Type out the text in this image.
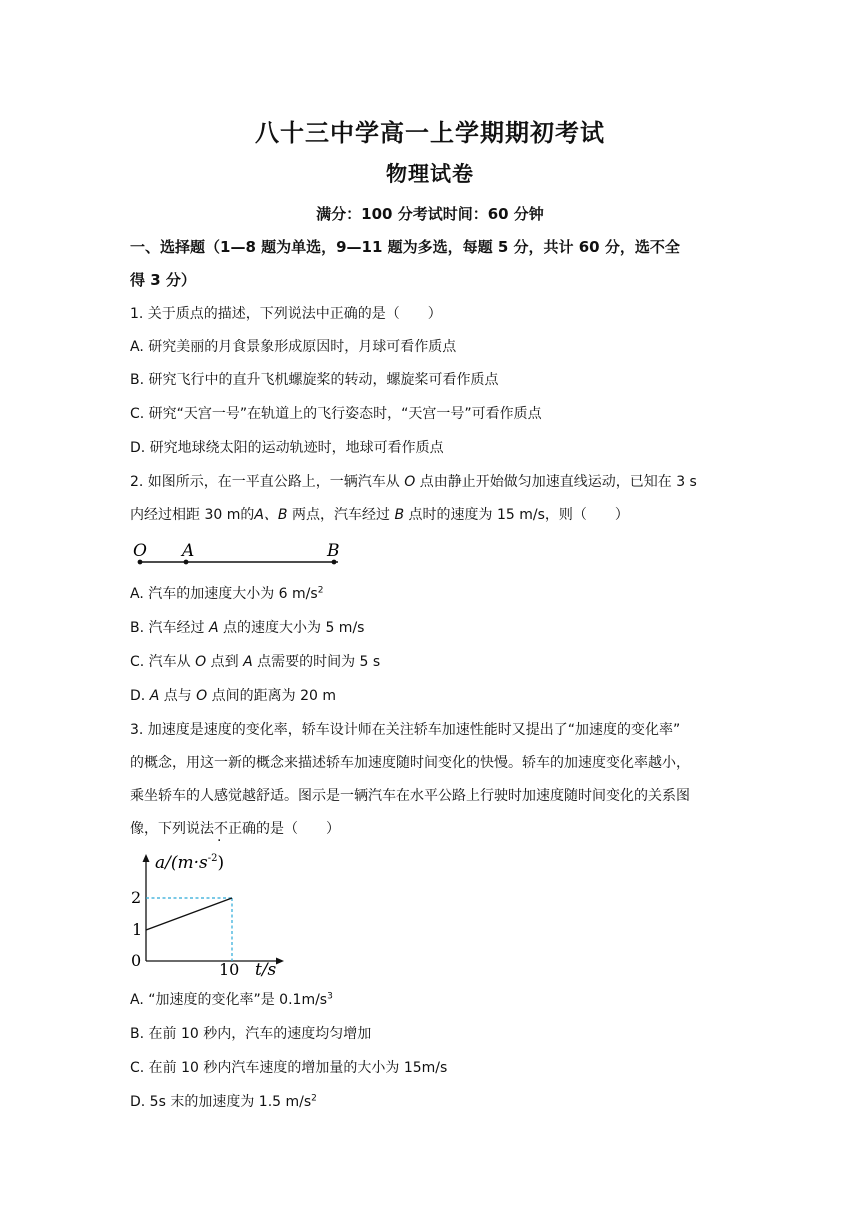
八十三中学高一上学期期初考试
物理试卷
满分：100 分考试时间：60 分钟
一、选择题（1—8 题为单选，9—11 题为多选，每题 5 分，共计 60 分，选不全
得 3 分）
1. 关于质点的描述，下列说法中正确的是（　　）
A. 研究美丽的月食景象形成原因时，月球可看作质点
B. 研究飞行中的直升飞机螺旋桨的转动，螺旋桨可看作质点
C. 研究“天宫一号”在轨道上的飞行姿态时，“天宫一号”可看作质点
D. 研究地球绕太阳的运动轨迹时，地球可看作质点
2. 如图所示，在一平直公路上，一辆汽车从 O 点由静止开始做匀加速直线运动，已知在 3 s
内经过相距 30 m的A、B 两点，汽车经过 B 点时的速度为 15 m/s，则（　　）
O A	B
A. 汽车的加速度大小为 6 $m/s^2$
B. 汽车经过 A 点的速度大小为 5 m/s
C. 汽车从 O 点到 A 点需要的时间为 5 s
D. A 点与 O 点间的距离为 20 m
3. 加速度是速度的变化率，轿车设计师在关注轿车加速性能时又提出了“加速度的变化率”
的概念，用这一新的概念来描述轿车加速度随时间变化的快慢。轿车的加速度变化率越小，
乘坐轿车的人感觉越舒适。图示是一辆汽车在水平公路上行驶时加速度随时间变化的关系图
像，下列说法不正确的是（　　）
$a/(m\cdot s^{-2})$
2
1
0	10 t/s
A. “加速度的变化率”是 $0.1m/s^3$
B. 在前 10 秒内，汽车的速度均匀增加
C. 在前 10 秒内汽车速度的增加量的大小为 15m/s
D. 5s 末的加速度为 1.5 $m/s^2$
